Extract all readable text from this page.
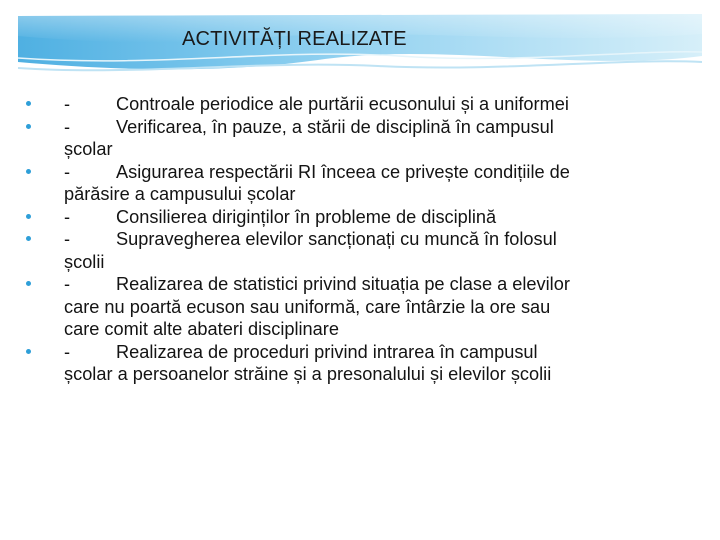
ACTIVITĂȚI REALIZATE
-	Controale periodice ale purtării ecusonului și a uniformei
-	Verificarea, în pauze, a stării de disciplină în campusul
școlar
-	Asigurarea respectării RI înceea ce privește condițiile de
părăsire a campusului școlar
-	Consilierea diriginților în probleme de disciplină
-	Supravegherea elevilor sancționați cu muncă în folosul
școlii
-	Realizarea de statistici privind situația pe clase a elevilor
care nu poartă ecuson sau uniformă, care întârzie la ore sau
care comit alte abateri disciplinare
-	Realizarea de proceduri privind intrarea în campusul
școlar a persoanelor străine și a presonalului și elevilor școlii
